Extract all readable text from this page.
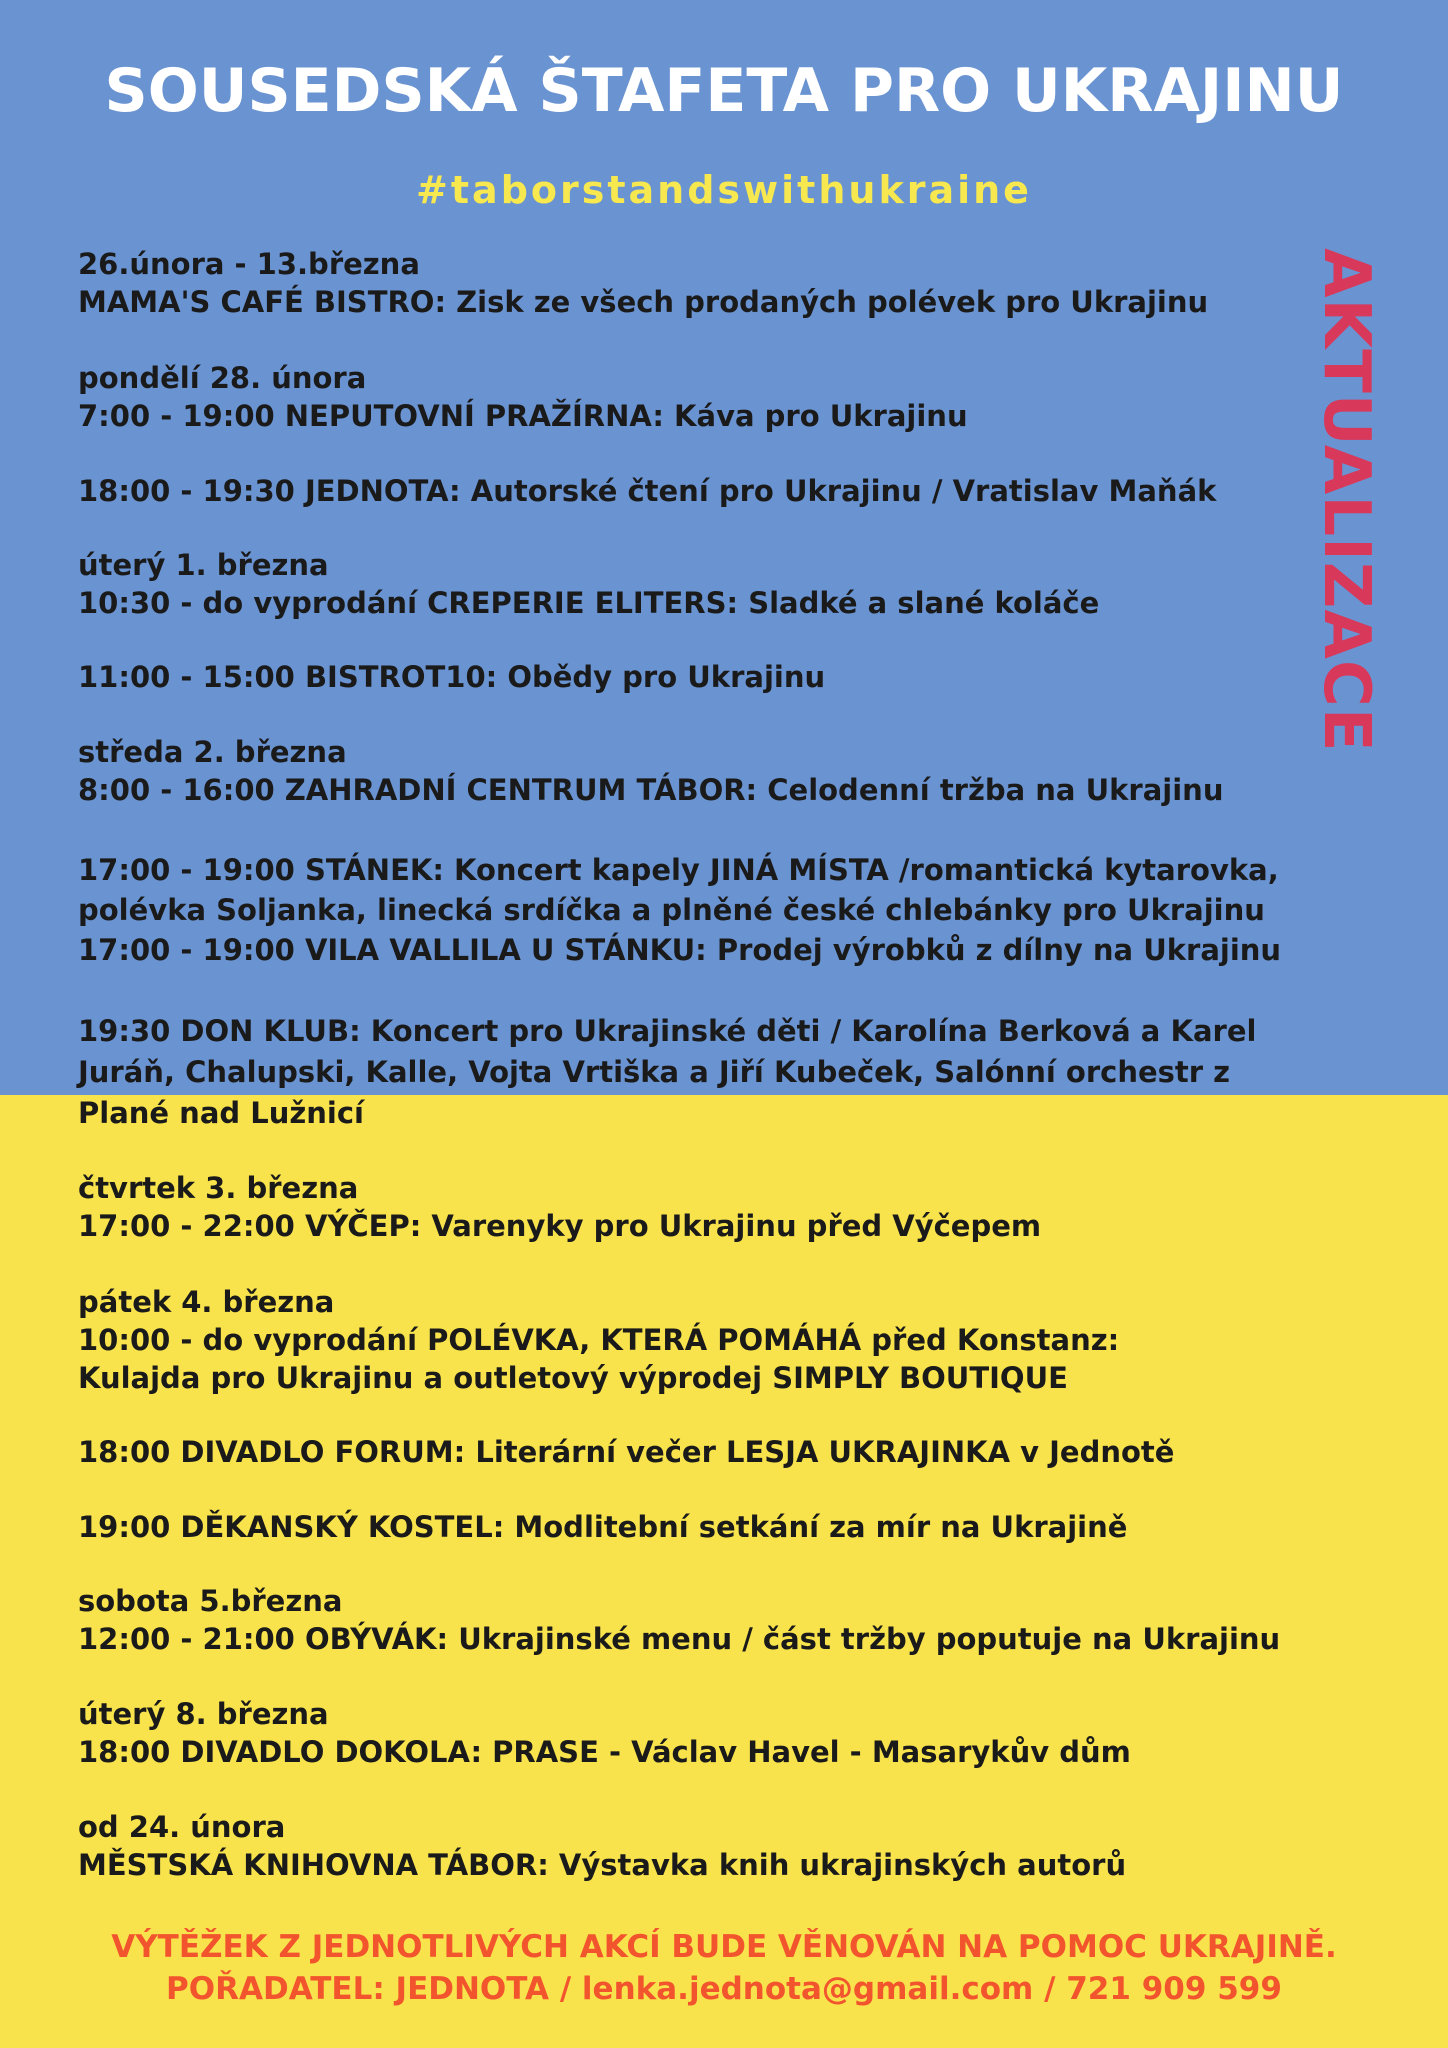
SOUSEDSKÁ ŠTAFETA PRO UKRAJINU
#taborstandswithukraine
AKTUALIZACE
26.února - 13.března
MAMA'S CAFÉ BISTRO: Zisk ze všech prodaných polévek pro Ukrajinu
pondělí 28. února
7:00 - 19:00 NEPUTOVNÍ PRAŽÍRNA: Káva pro Ukrajinu
18:00 - 19:30 JEDNOTA: Autorské čtení pro Ukrajinu / Vratislav Maňák
úterý 1. března
10:30 - do vyprodání CREPERIE ELITERS: Sladké a slané koláče
11:00 - 15:00 BISTROT10: Obědy pro Ukrajinu
středa 2. března
8:00 - 16:00 ZAHRADNÍ CENTRUM TÁBOR: Celodenní tržba na Ukrajinu
17:00 - 19:00 STÁNEK: Koncert kapely JINÁ MÍSTA /romantická kytarovka,
polévka Soljanka, linecká srdíčka a plněné české chlebánky pro Ukrajinu
17:00 - 19:00 VILA VALLILA U STÁNKU: Prodej výrobků z dílny na Ukrajinu
19:30 DON KLUB: Koncert pro Ukrajinské děti / Karolína Berková a Karel
Juráň, Chalupski, Kalle, Vojta Vrtiška a Jiří Kubeček, Salónní orchestr z
Plané nad Lužnicí
čtvrtek 3. března
17:00 - 22:00 VÝČEP: Varenyky pro Ukrajinu před Výčepem
pátek 4. března
10:00 - do vyprodání POLÉVKA, KTERÁ POMÁHÁ před Konstanz:
Kulajda pro Ukrajinu a outletový výprodej SIMPLY BOUTIQUE
18:00 DIVADLO FORUM: Literární večer LESJA UKRAJINKA v Jednotě
19:00 DĚKANSKÝ KOSTEL: Modlitební setkání za mír na Ukrajině
sobota 5.března
12:00 - 21:00 OBÝVÁK: Ukrajinské menu / část tržby poputuje na Ukrajinu
úterý 8. března
18:00 DIVADLO DOKOLA: PRASE - Václav Havel - Masarykův dům
od 24. února
MĚSTSKÁ KNIHOVNA TÁBOR: Výstavka knih ukrajinských autorů
VÝTĚŽEK Z JEDNOTLIVÝCH AKCÍ BUDE VĚNOVÁN NA POMOC UKRAJINĚ.
POŘADATEL: JEDNOTA / lenka.jednota@gmail.com / 721 909 599
